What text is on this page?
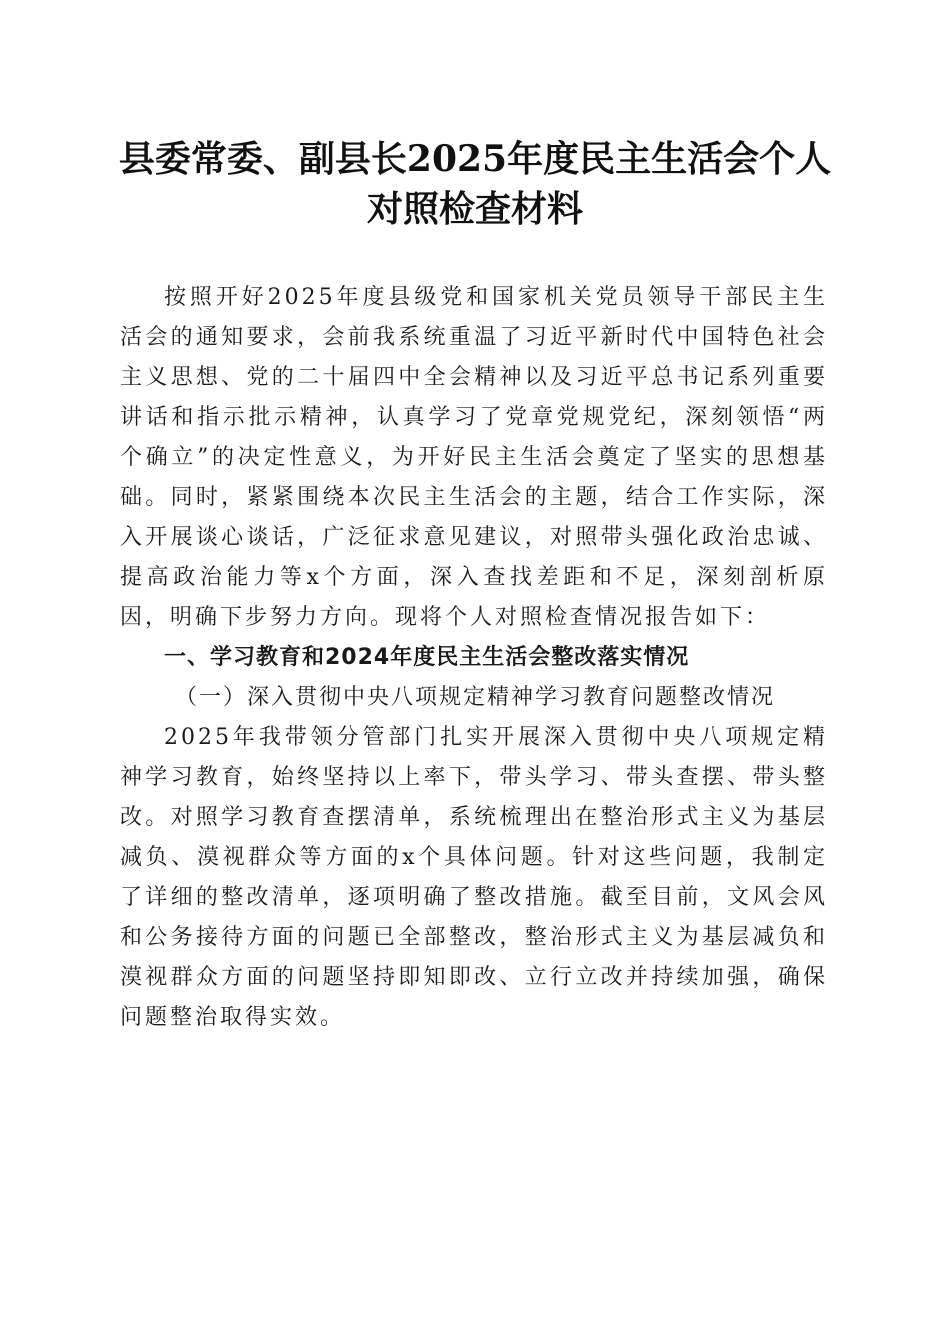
县委常委、副县长2025年度民主生活会个人
对照检查材料

按照开好2025年度县级党和国家机关党员领导干部民主生活会的通知要求，会前我系统重温了习近平新时代中国特色社会主义思想、党的二十届四中全会精神以及习近平总书记系列重要讲话和指示批示精神，认真学习了党章党规党纪，深刻领悟“两个确立”的决定性意义，为开好民主生活会奠定了坚实的思想基础。同时，紧紧围绕本次民主生活会的主题，结合工作实际，深入开展谈心谈话，广泛征求意见建议，对照带头强化政治忠诚、提高政治能力等x个方面，深入查找差距和不足，深刻剖析原因，明确下步努力方向。现将个人对照检查情况报告如下：

一、学习教育和2024年度民主生活会整改落实情况

（一）深入贯彻中央八项规定精神学习教育问题整改情况

2025年我带领分管部门扎实开展深入贯彻中央八项规定精神学习教育，始终坚持以上率下，带头学习、带头查摆、带头整改。对照学习教育查摆清单，系统梳理出在整治形式主义为基层减负、漠视群众等方面的x个具体问题。针对这些问题，我制定了详细的整改清单，逐项明确了整改措施。截至目前，文风会风和公务接待方面的问题已全部整改，整治形式主义为基层减负和漠视群众方面的问题坚持即知即改、立行立改并持续加强，确保问题整治取得实效。
